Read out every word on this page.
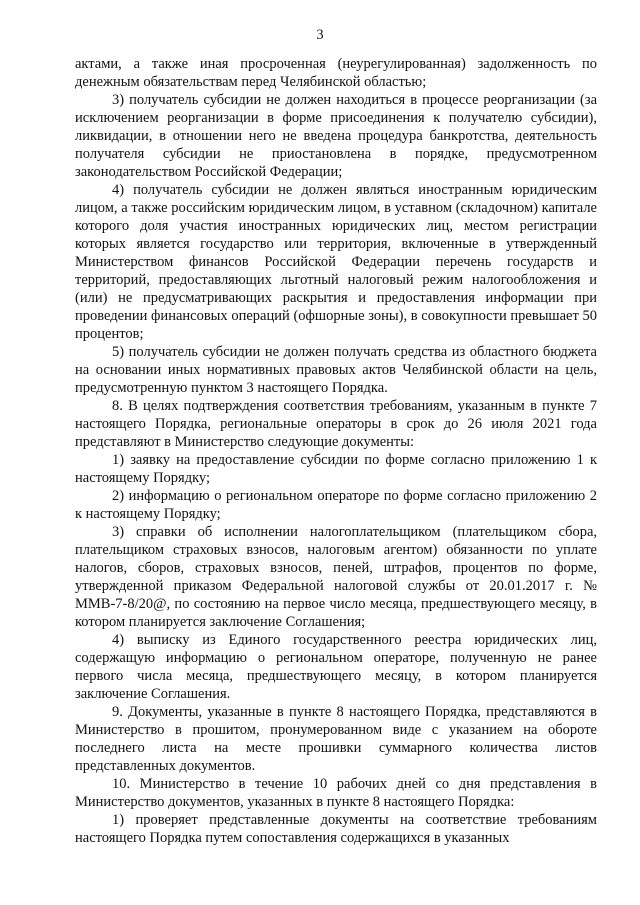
3

актами, а также иная просроченная (неурегулированная) задолженность по денежным обязательствам перед Челябинской областью;

3) получатель субсидии не должен находиться в процессе реорганизации (за исключением реорганизации в форме присоединения к получателю субсидии), ликвидации, в отношении него не введена процедура банкротства, деятельность получателя субсидии не приостановлена в порядке, предусмотренном законодательством Российской Федерации;

4) получатель субсидии не должен являться иностранным юридическим лицом, а также российским юридическим лицом, в уставном (складочном) капитале которого доля участия иностранных юридических лиц, местом регистрации которых является государство или территория, включенные в утвержденный Министерством финансов Российской Федерации перечень государств и территорий, предоставляющих льготный налоговый режим налогообложения и (или) не предусматривающих раскрытия и предоставления информации при проведении финансовых операций (офшорные зоны), в совокупности превышает 50 процентов;

5) получатель субсидии не должен получать средства из областного бюджета на основании иных нормативных правовых актов Челябинской области на цель, предусмотренную пунктом 3 настоящего Порядка.

8. В целях подтверждения соответствия требованиям, указанным в пункте 7 настоящего Порядка, региональные операторы в срок до 26 июля 2021 года представляют в Министерство следующие документы:

1) заявку на предоставление субсидии по форме согласно приложению 1 к настоящему Порядку;

2) информацию о региональном операторе по форме согласно приложению 2 к настоящему Порядку;

3) справки об исполнении налогоплательщиком (плательщиком сбора, плательщиком страховых взносов, налоговым агентом) обязанности по уплате налогов, сборов, страховых взносов, пеней, штрафов, процентов по форме, утвержденной приказом Федеральной налоговой службы от 20.01.2017 г. № ММВ-7-8/20@, по состоянию на первое число месяца, предшествующего месяцу, в котором планируется заключение Соглашения;

4) выписку из Единого государственного реестра юридических лиц, содержащую информацию о региональном операторе, полученную не ранее первого числа месяца, предшествующего месяцу, в котором планируется заключение Соглашения.

9. Документы, указанные в пункте 8 настоящего Порядка, представляются в Министерство в прошитом, пронумерованном виде с указанием на обороте последнего листа на месте прошивки суммарного количества листов представленных документов.

10. Министерство в течение 10 рабочих дней со дня представления в Министерство документов, указанных в пункте 8 настоящего Порядка:

1) проверяет представленные документы на соответствие требованиям настоящего Порядка путем сопоставления содержащихся в указанных
